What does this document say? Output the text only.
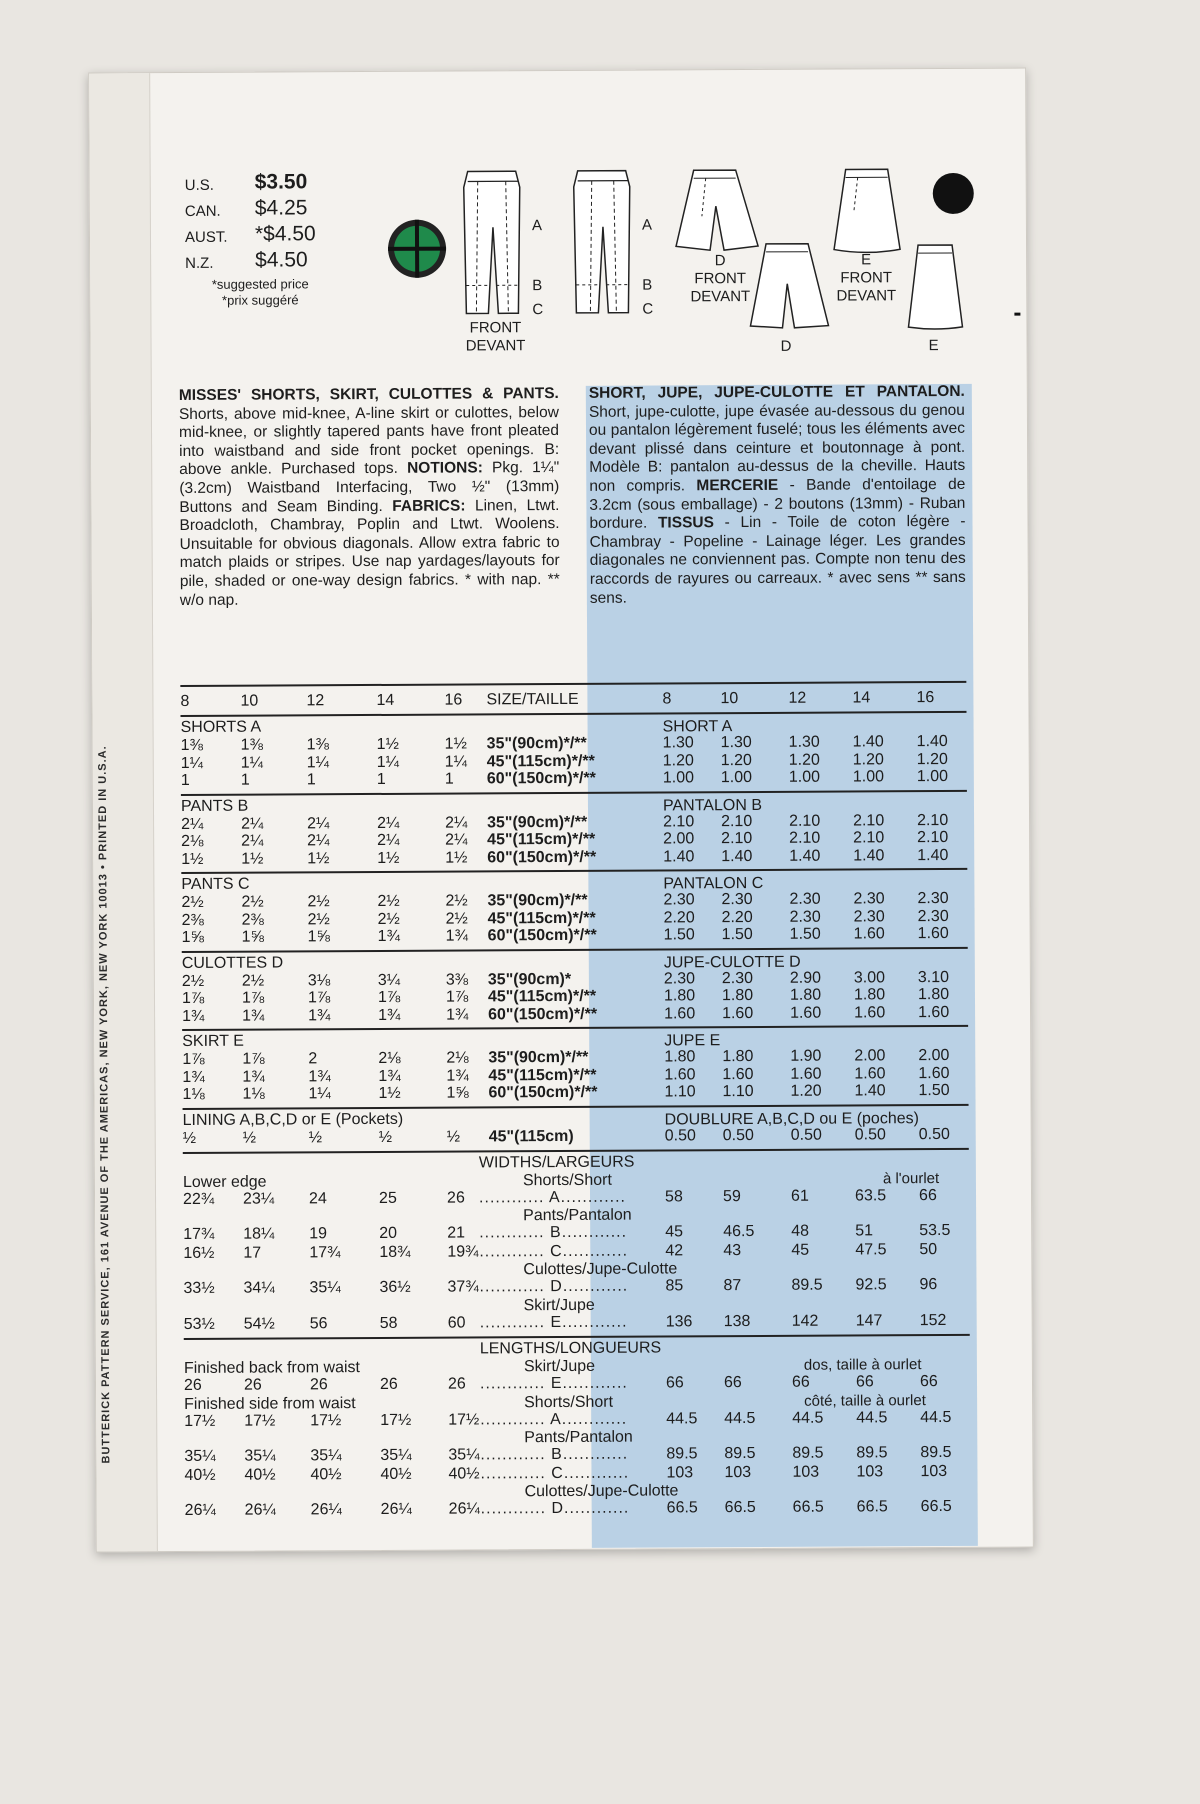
BUTTERICK PATTERN SERVICE, 161 AVENUE OF THE AMERICAS, NEW YORK, NEW YORK 10013 • PRINTED IN U.S.A.
U.S. $3.50
CAN. $4.25
AUST. *$4.50
N.Z. $4.50
*suggested price
*prix suggéré
FRONT
DEVANT
A
B
C
A
B
C
D
FRONT
DEVANT
D
E
FRONT
DEVANT
E
MISSES' SHORTS, SKIRT, CULOTTES & PANTS. Shorts, above mid-knee, A-line skirt or culottes, below mid-knee, or slightly tapered pants have front pleated into waistband and side front pocket openings. B: above ankle. Purchased tops. NOTIONS: Pkg. 1¼" (3.2cm) Waistband Interfacing, Two ½" (13mm) Buttons and Seam Binding. FABRICS: Linen, Ltwt. Broadcloth, Chambray, Poplin and Ltwt. Woolens. Unsuitable for obvious diagonals. Allow extra fabric to match plaids or stripes. Use nap yardages/layouts for pile, shaded or one-way design fabrics. * with nap. ** w/o nap.
SHORT, JUPE, JUPE-CULOTTE ET PANTALON. Short, jupe-culotte, jupe évasée au-dessous du genou ou pantalon légèrement fuselé; tous les éléments avec devant plissé dans ceinture et boutonnage à pont. Modèle B: pantalon au-dessus de la cheville. Hauts non compris. MERCERIE - Bande d'entoilage de 3.2cm (sous emballage) - 2 boutons (13mm) - Ruban bordure. TISSUS - Lin - Toile de coton légère - Chambray - Popeline - Lainage léger. Les grandes diagonales ne conviennent pas. Compte non tenu des raccords de rayures ou carreaux. * avec sens ** sans sens.
8	10	12	14	16 SIZE/TAILLE	8	10	12	14	16
SHORTS A	SHORT A
1⅜ 1⅜	1⅜	1½	1½ 35"(90cm)*/**	1.30 1.30 1.30 1.40 1.40
1¼ 1¼	1¼	1¼	1¼ 45"(115cm)*/**	1.20 1.20 1.20 1.20 1.20
1	1	1	1	1 60"(150cm)*/**	1.00 1.00 1.00 1.00 1.00
PANTS B	PANTALON B
2¼ 2¼	2¼	2¼	2¼ 35"(90cm)*/**	2.10 2.10 2.10 2.10 2.10
2⅛ 2¼	2¼	2¼	2¼ 45"(115cm)*/**	2.00 2.10 2.10 2.10 2.10
1½ 1½	1½	1½	1½ 60"(150cm)*/**	1.40 1.40 1.40 1.40 1.40
PANTS C	PANTALON C
2½ 2½	2½	2½	2½ 35"(90cm)*/**	2.30 2.30 2.30 2.30 2.30
2⅜ 2⅜	2½	2½	2½ 45"(115cm)*/**	2.20 2.20 2.30 2.30 2.30
1⅝ 1⅝	1⅝	1¾	1¾ 60"(150cm)*/**	1.50 1.50 1.50 1.60 1.60
CULOTTES D	JUPE-CULOTTE D
2½ 2½	3⅛	3¼	3⅜ 35"(90cm)*	2.30 2.30 2.90 3.00 3.10
1⅞ 1⅞	1⅞	1⅞	1⅞ 45"(115cm)*/**	1.80 1.80 1.80 1.80 1.80
1¾ 1¾	1¾	1¾	1¾ 60"(150cm)*/**	1.60 1.60 1.60 1.60 1.60
SKIRT E	JUPE E
1⅞ 1⅞	2	2⅛	2⅛ 35"(90cm)*/**	1.80 1.80 1.90 2.00 2.00
1¾ 1¾	1¾	1¾	1¾ 45"(115cm)*/**	1.60 1.60 1.60 1.60 1.60
1⅛ 1⅛	1¼	1½	1⅝ 60"(150cm)*/**	1.10 1.10 1.20 1.40 1.50
LINING A,B,C,D or E (Pockets)	DOUBLURE A,B,C,D ou E (poches)
½	½	½	½	½ 45"(115cm)	0.50 0.50 0.50 0.50 0.50
WIDTHS/LARGEURS
Lower edge	à l'ourlet
Shorts/Short
22¾ 23¼ 24	25	26 ............ A............ 58	59	61	63.5 66
Pants/Pantalon
17¾ 18¼ 19	20	21 ............ B............ 45	46.5 48	51	53.5
16½ 17	17¾ 18¾ 19¾ ............ C............ 42	43	45	47.5 50
Culottes/Jupe-Culotte
33½ 34¼ 35¼ 36½ 37¾ ............ D............ 85	87	89.5 92.5 96
Skirt/Jupe
53½ 54½ 56	58	60 ............ E............ 136 138	142 147 152
LENGTHS/LONGUEURS
Finished back from waist	dos, taille à ourlet
Skirt/Jupe
26	26	26	26	26 ............ E............ 66	66	66	66	66
Finished side from waist	côté, taille à ourlet
Shorts/Short
17½ 17½ 17½ 17½ 17½ ............ A............ 44.5 44.5 44.5 44.5 44.5
Pants/Pantalon
35¼ 35¼ 35¼ 35¼ 35¼ ............ B............ 89.5 89.5 89.5 89.5 89.5
40½ 40½ 40½ 40½ 40½ ............ C............ 103 103	103 103 103
Culottes/Jupe-Culotte
26¼ 26¼ 26¼ 26¼ 26¼ ............ D............ 66.5 66.5 66.5 66.5 66.5
